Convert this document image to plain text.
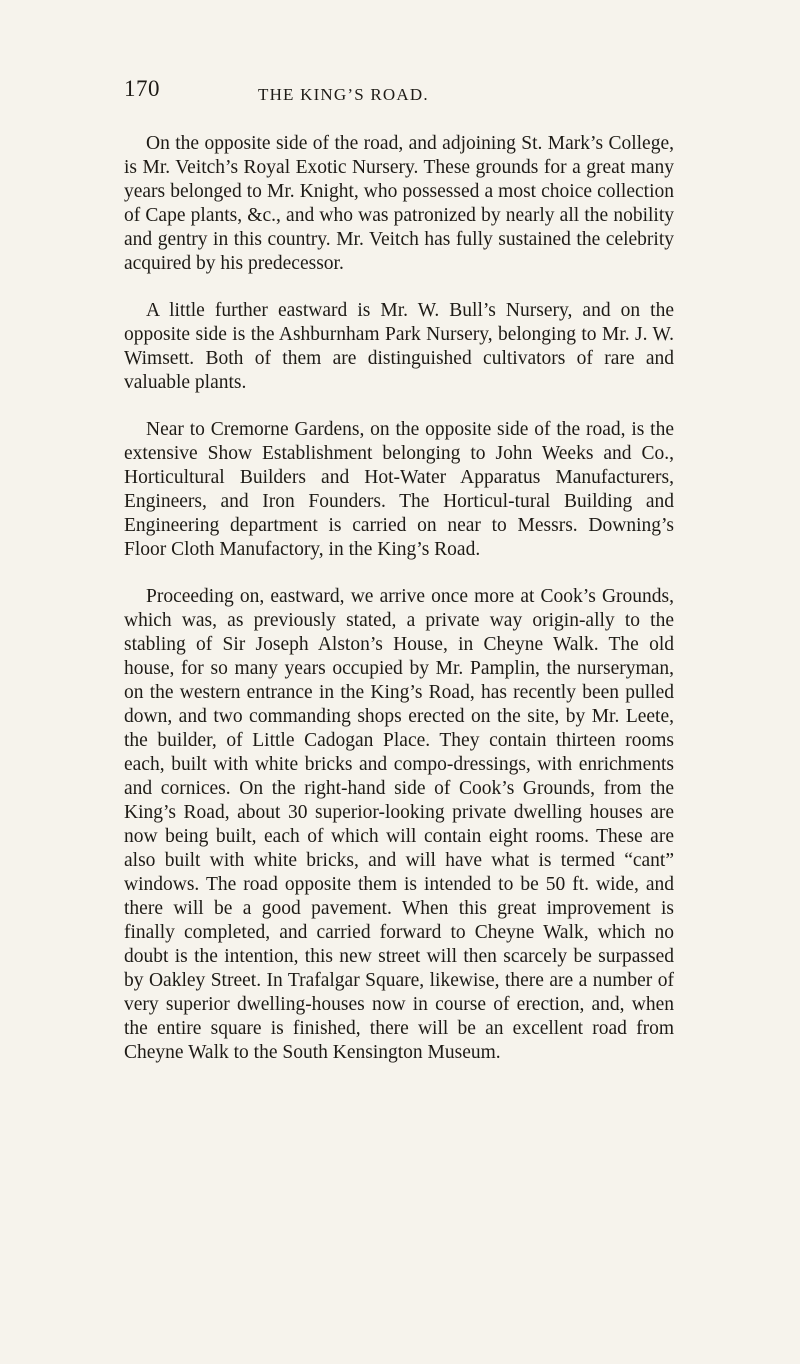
170	THE KING’S ROAD.

On the opposite side of the road, and adjoining St. Mark’s College, is Mr. Veitch’s Royal Exotic Nursery. These grounds for a great many years belonged to Mr. Knight, who possessed a most choice collection of Cape plants, &c., and who was patronized by nearly all the nobility and gentry in this country. Mr. Veitch has fully sustained the celebrity acquired by his predecessor.

A little further eastward is Mr. W. Bull’s Nursery, and on the opposite side is the Ashburnham Park Nursery, belonging to Mr. J. W. Wimsett. Both of them are distinguished cultivators of rare and valuable plants.

Near to Cremorne Gardens, on the opposite side of the road, is the extensive Show Establishment belonging to John Weeks and Co., Horticultural Builders and Hot-Water Apparatus Manufacturers, Engineers, and Iron Founders. The Horticul-tural Building and Engineering department is carried on near to Messrs. Downing’s Floor Cloth Manufactory, in the King’s Road.

Proceeding on, eastward, we arrive once more at Cook’s Grounds, which was, as previously stated, a private way origin-ally to the stabling of Sir Joseph Alston’s House, in Cheyne Walk. The old house, for so many years occupied by Mr. Pamplin, the nurseryman, on the western entrance in the King’s Road, has recently been pulled down, and two commanding shops erected on the site, by Mr. Leete, the builder, of Little Cadogan Place. They contain thirteen rooms each, built with white bricks and compo-dressings, with enrichments and cornices. On the right-hand side of Cook’s Grounds, from the King’s Road, about 30 superior-looking private dwelling houses are now being built, each of which will contain eight rooms. These are also built with white bricks, and will have what is termed “cant” windows. The road opposite them is intended to be 50 ft. wide, and there will be a good pavement. When this great improvement is finally completed, and carried forward to Cheyne Walk, which no doubt is the intention, this new street will then scarcely be surpassed by Oakley Street. In Trafalgar Square, likewise, there are a number of very superior dwelling-houses now in course of erection, and, when the entire square is finished, there will be an excellent road from Cheyne Walk to the South Kensington Museum.
